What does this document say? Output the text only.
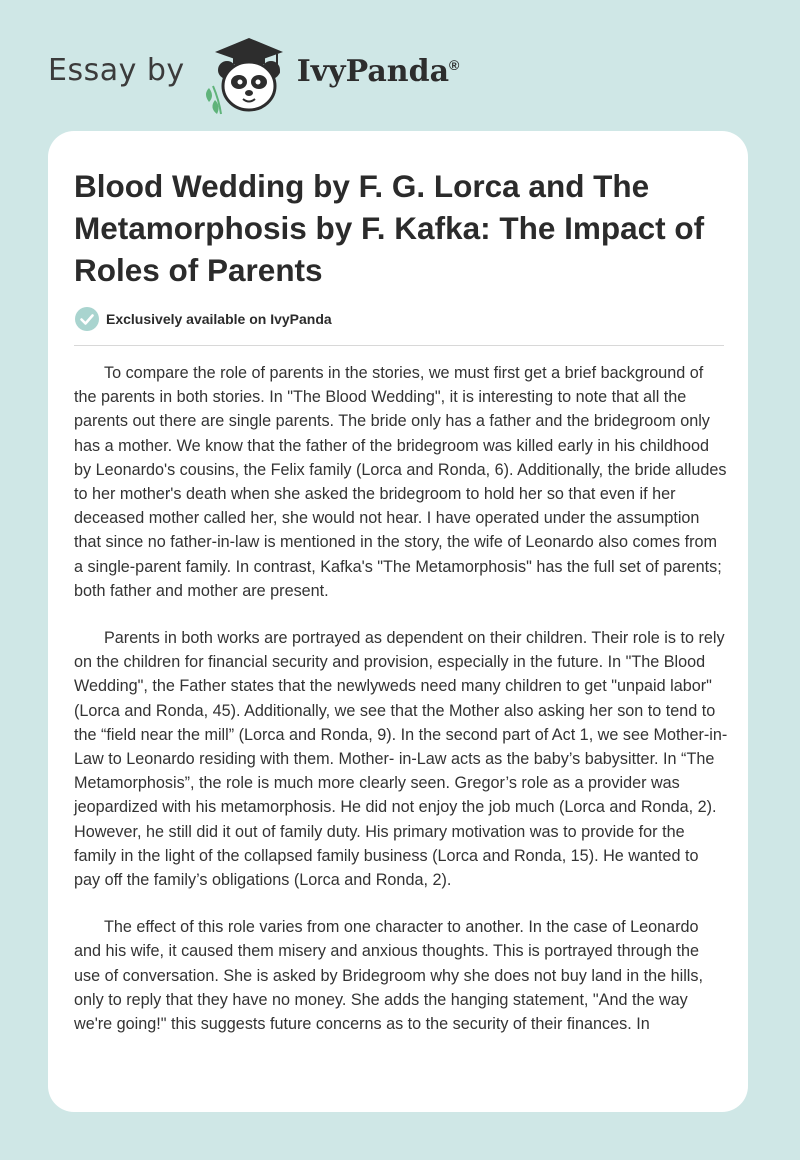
Essay by	IvyPanda®
Blood Wedding by F. G. Lorca and The Metamorphosis by F. Kafka: The Impact of Roles of Parents
Exclusively available on IvyPanda

To compare the role of parents in the stories, we must first get a brief background of the parents in both stories. In "The Blood Wedding", it is interesting to note that all the parents out there are single parents. The bride only has a father and the bridegroom only has a mother. We know that the father of the bridegroom was killed early in his childhood by Leonardo's cousins, the Felix family (Lorca and Ronda, 6). Additionally, the bride alludes to her mother's death when she asked the bridegroom to hold her so that even if her deceased mother called her, she would not hear. I have operated under the assumption that since no father-in-law is mentioned in the story, the wife of Leonardo also comes from a single-parent family. In contrast, Kafka's "The Metamorphosis" has the full set of parents; both father and mother are present.

Parents in both works are portrayed as dependent on their children. Their role is to rely on the children for financial security and provision, especially in the future. In "The Blood Wedding", the Father states that the newlyweds need many children to get "unpaid labor" (Lorca and Ronda, 45). Additionally, we see that the Mother also asking her son to tend to the “field near the mill” (Lorca and Ronda, 9). In the second part of Act 1, we see Mother-in-Law to Leonardo residing with them. Mother- in-Law acts as the baby’s babysitter. In “The Metamorphosis”, the role is much more clearly seen. Gregor’s role as a provider was jeopardized with his metamorphosis. He did not enjoy the job much (Lorca and Ronda, 2). However, he still did it out of family duty. His primary motivation was to provide for the family in the light of the collapsed family business (Lorca and Ronda, 15). He wanted to pay off the family’s obligations (Lorca and Ronda, 2).

The effect of this role varies from one character to another. In the case of Leonardo and his wife, it caused them misery and anxious thoughts. This is portrayed through the use of conversation. She is asked by Bridegroom why she does not buy land in the hills, only to reply that they have no money. She adds the hanging statement, "And the way we're going!" this suggests future concerns as to the security of their finances. In
